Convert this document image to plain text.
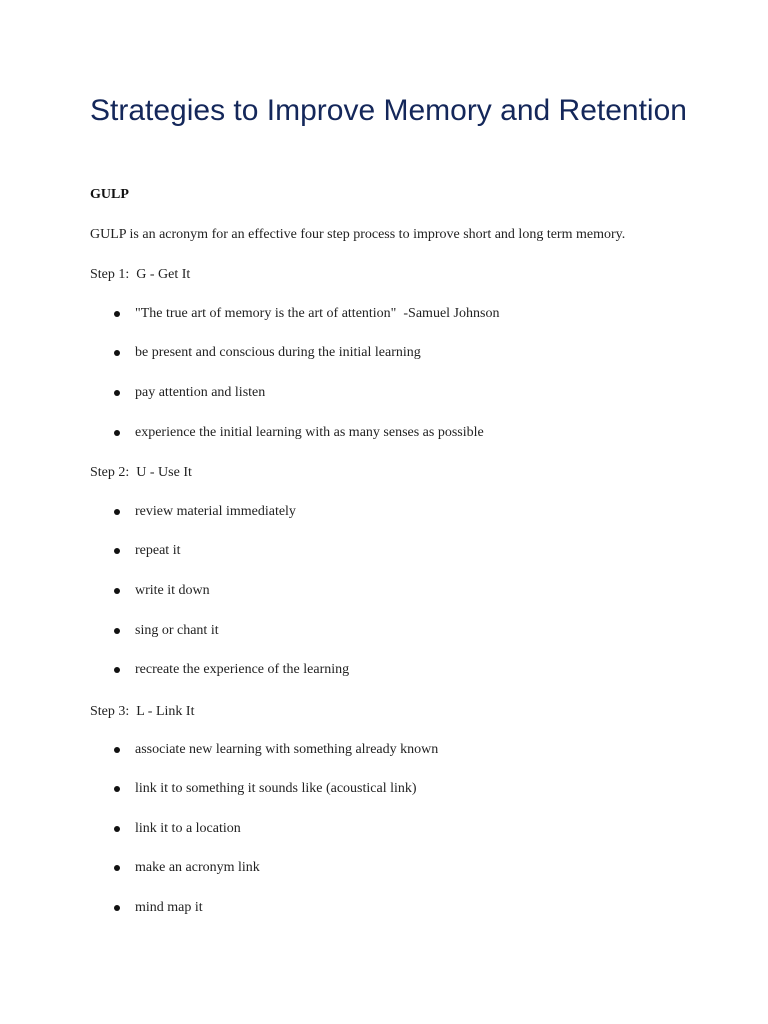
Strategies to Improve Memory and Retention
GULP

GULP is an acronym for an effective four step process to improve short and long term memory.

Step 1:  G - Get It

"The true art of memory is the art of attention"  -Samuel Johnson

be present and conscious during the initial learning

pay attention and listen

experience the initial learning with as many senses as possible

Step 2:  U - Use It

review material immediately

repeat it

write it down

sing or chant it

recreate the experience of the learning

Step 3:  L - Link It

associate new learning with something already known

link it to something it sounds like (acoustical link)

link it to a location

make an acronym link

mind map it
